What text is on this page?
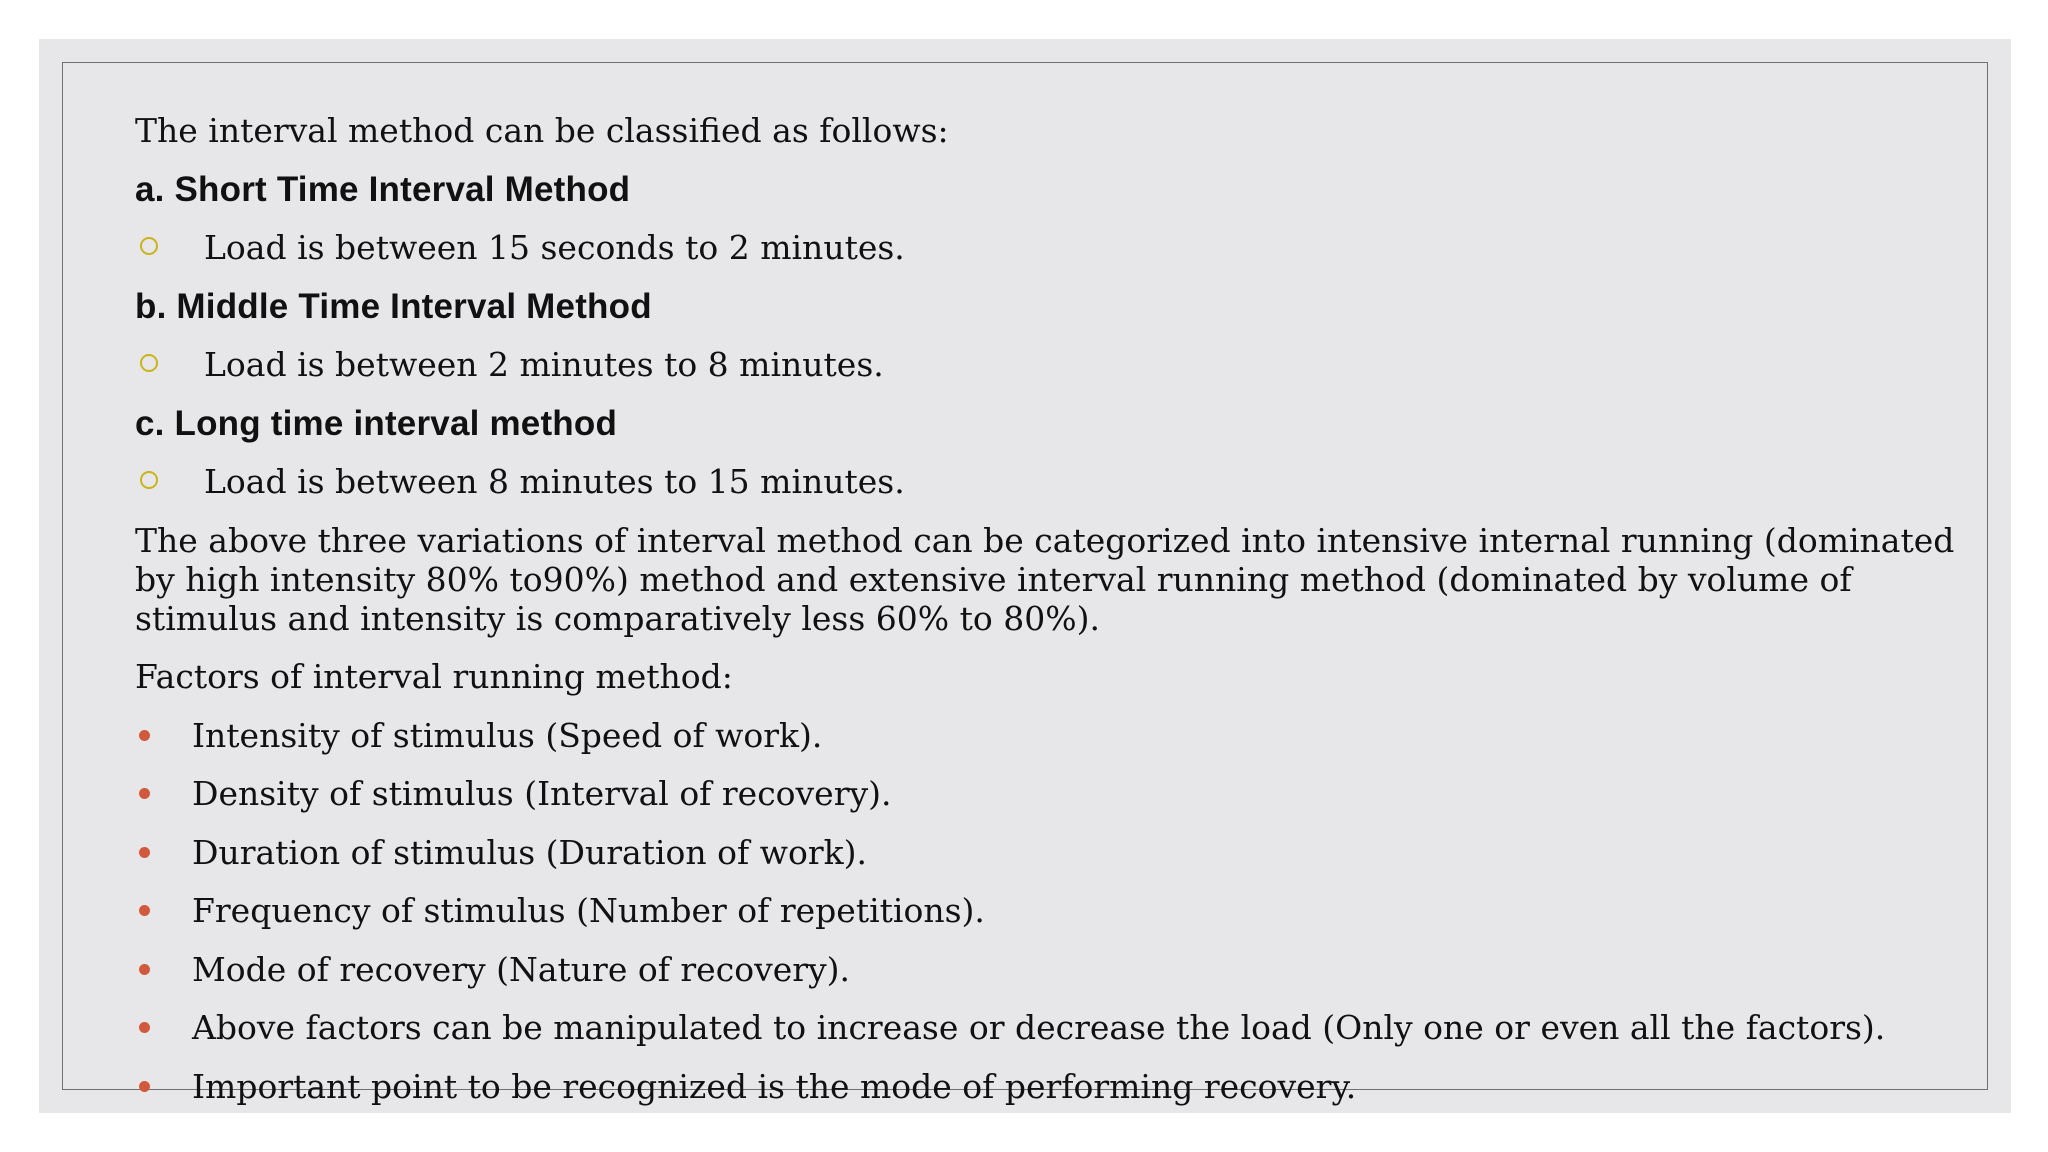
The interval method can be classified as follows:
a. Short Time Interval Method
Load is between 15 seconds to 2 minutes.
b. Middle Time Interval Method
Load is between 2 minutes to 8 minutes.
c. Long time interval method
Load is between 8 minutes to 15 minutes.
The above three variations of interval method can be categorized into intensive internal running (dominated by high intensity 80% to90%) method and extensive interval running method (dominated by volume of stimulus and intensity is comparatively less 60% to 80%).
Factors of interval running method:
Intensity of stimulus (Speed of work).
Density of stimulus (Interval of recovery).
Duration of stimulus (Duration of work).
Frequency of stimulus (Number of repetitions).
Mode of recovery (Nature of recovery).
Above factors can be manipulated to increase or decrease the load (Only one or even all the factors).
Important point to be recognized is the mode of performing recovery.
